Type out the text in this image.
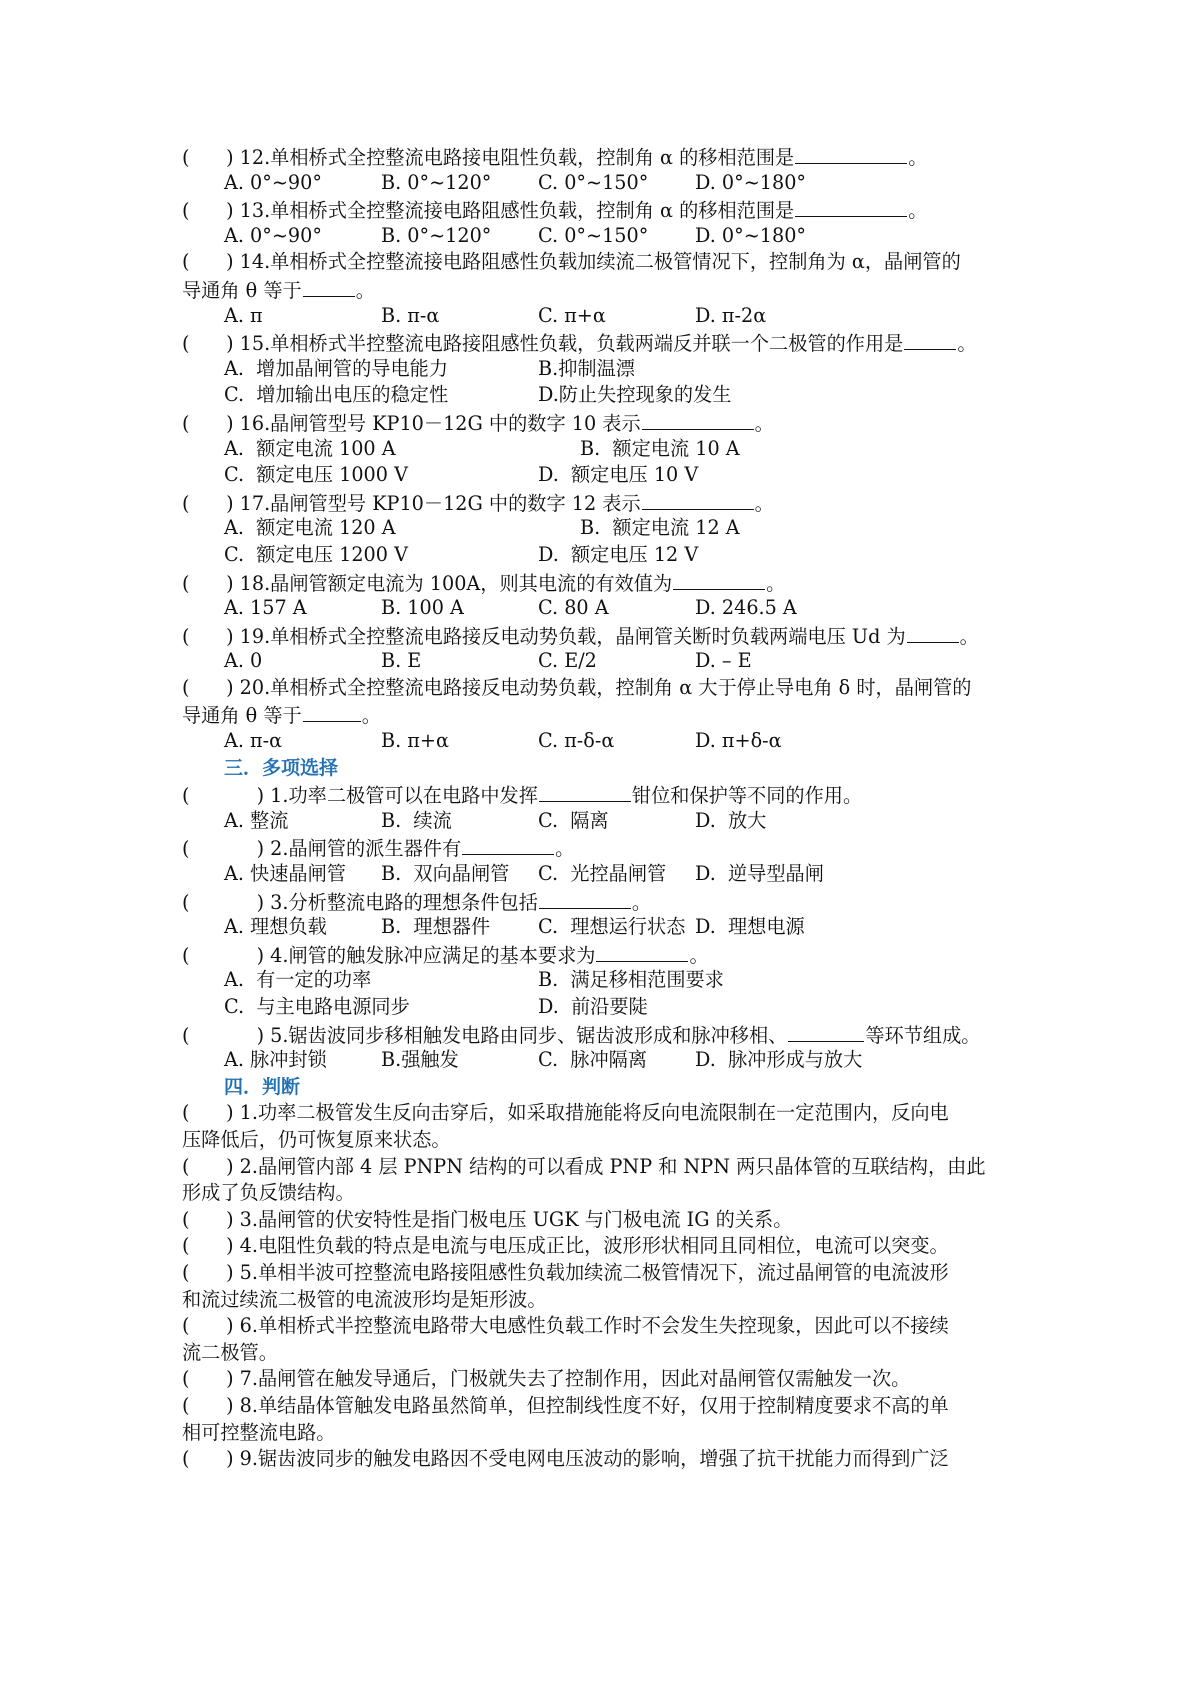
(      ) 12.单相桥式全控整流电路接电阻性负载，控制角 α 的移相范围是	。
A. 0°~90°	B. 0°~120° C. 0°~150° D. 0°~180°
(      ) 13.单相桥式全控整流接电路阻感性负载，控制角 α 的移相范围是	。
A. 0°~90°	B. 0°~120° C. 0°~150° D. 0°~180°
(      ) 14.单相桥式全控整流接电路阻感性负载加续流二极管情况下，控制角为 α，晶闸管的
导通角 θ 等于	。
A. π	B. π-α	C. π+α	D. π-2α
(      ) 15.单相桥式半控整流电路接阻感性负载，负载两端反并联一个二极管的作用是	。
A.  增加晶闸管的导电能力	B.抑制温漂
C.  增加输出电压的稳定性	D.防止失控现象的发生
(      ) 16.晶闸管型号 KP10－12G 中的数字 10 表示	。
A.  额定电流 100 A	B.  额定电流 10 A
C.  额定电压 1000 V	D.  额定电压 10 V
(      ) 17.晶闸管型号 KP10－12G 中的数字 12 表示	。
A.  额定电流 120 A	B.  额定电流 12 A
C.  额定电压 1200 V	D.  额定电压 12 V
(      ) 18.晶闸管额定电流为 100A，则其电流的有效值为	。
A. 157 A	B. 100 A	C. 80 A	D. 246.5 A
(      ) 19.单相桥式全控整流电路接反电动势负载，晶闸管关断时负载两端电压 Ud 为	。
A. 0	B. E	C. E/2	D. – E
(      ) 20.单相桥式全控整流电路接反电动势负载，控制角 α 大于停止导电角 δ 时，晶闸管的
导通角 θ 等于	。
A. π-α	B. π+α	C. π-δ-α	D. π+δ-α
三．多项选择
(           ) 1.功率二极管可以在电路中发挥	钳位和保护等不同的作用。
A. 整流	B.  续流	C.  隔离	D.  放大
(           ) 2.晶闸管的派生器件有	。
A. 快速晶闸管 B.  双向晶闸管 C.  光控晶闸管 D.  逆导型晶闸
(           ) 3.分析整流电路的理想条件包括	。
A. 理想负载	B.  理想器件 C.  理想运行状态 D.  理想电源
(           ) 4.闸管的触发脉冲应满足的基本要求为	。
A.  有一定的功率	B.  满足移相范围要求
C.  与主电路电源同步	D.  前沿要陡
(           ) 5.锯齿波同步移相触发电路由同步、锯齿波形成和脉冲移相、	等环节组成。
A. 脉冲封锁	B.强触发	C.  脉冲隔离 D.  脉冲形成与放大
四．判断
(      ) 1.功率二极管发生反向击穿后，如采取措施能将反向电流限制在一定范围内，反向电
压降低后，仍可恢复原来状态。
(      ) 2.晶闸管内部 4 层 PNPN 结构的可以看成 PNP 和 NPN 两只晶体管的互联结构，由此
形成了负反馈结构。
(      ) 3.晶闸管的伏安特性是指门极电压 UGK 与门极电流 IG 的关系。
(      ) 4.电阻性负载的特点是电流与电压成正比，波形形状相同且同相位，电流可以突变。
(      ) 5.单相半波可控整流电路接阻感性负载加续流二极管情况下，流过晶闸管的电流波形
和流过续流二极管的电流波形均是矩形波。
(      ) 6.单相桥式半控整流电路带大电感性负载工作时不会发生失控现象，因此可以不接续
流二极管。
(      ) 7.晶闸管在触发导通后，门极就失去了控制作用，因此对晶闸管仅需触发一次。
(      ) 8.单结晶体管触发电路虽然简单，但控制线性度不好，仅用于控制精度要求不高的单
相可控整流电路。
(      ) 9.锯齿波同步的触发电路因不受电网电压波动的影响，增强了抗干扰能力而得到广泛
